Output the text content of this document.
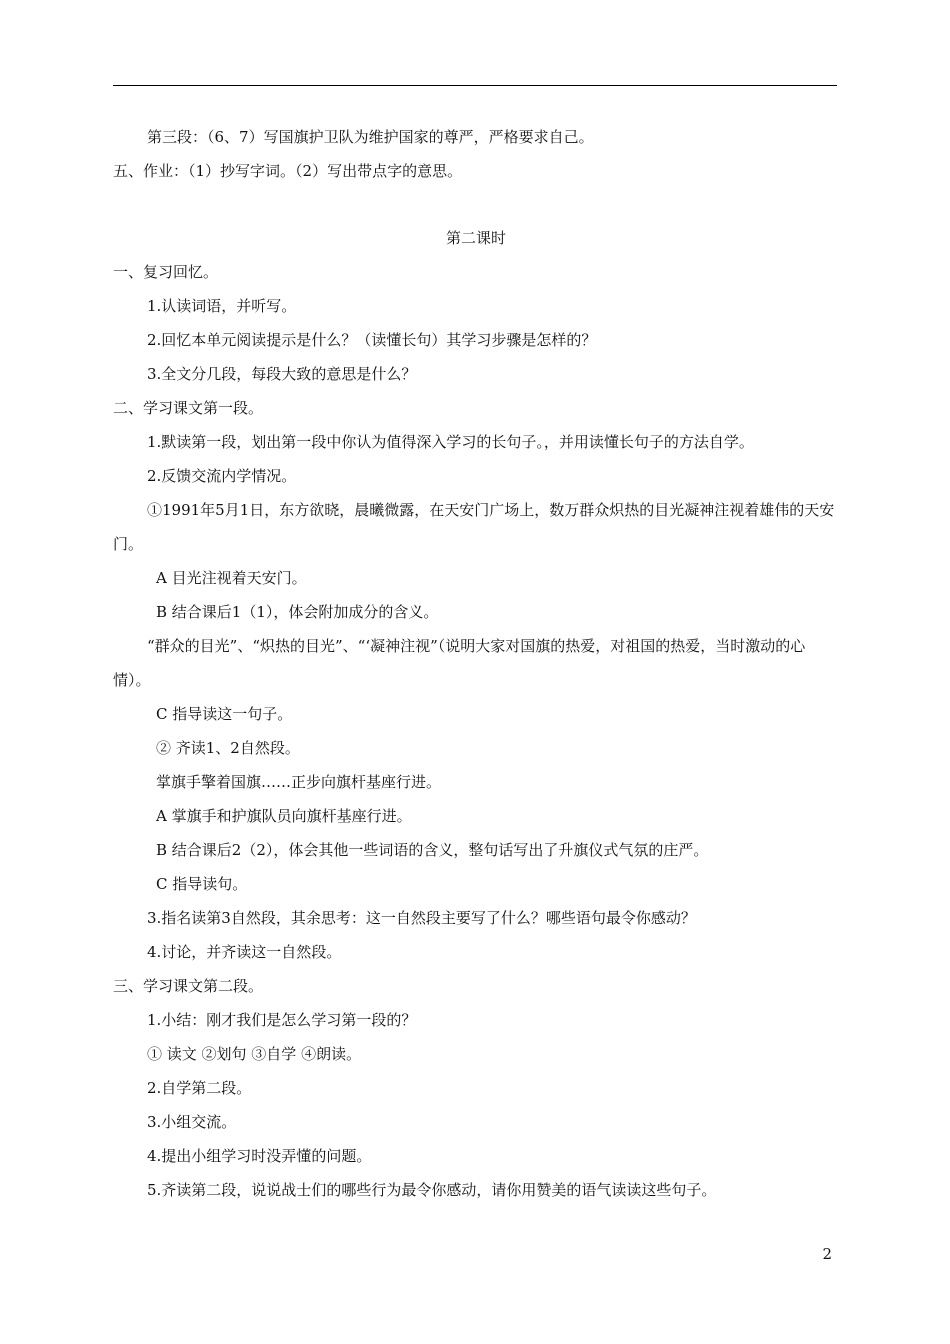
第三段：（6、7）写国旗护卫队为维护国家的尊严，严格要求自己。

五、作业：（1）抄写字词。（2）写出带点字的意思。

第二课时

一、复习回忆。

1.认读词语，并听写。

2.回忆本单元阅读提示是什么？（读懂长句）其学习步骤是怎样的？

3.全文分几段，每段大致的意思是什么？

二、学习课文第一段。

1.默读第一段，划出第一段中你认为值得深入学习的长句子。，并用读懂长句子的方法自学。

2.反馈交流内学情况。

①1991年5月1日，东方欲晓，晨曦微露，在天安门广场上，数万群众炽热的目光凝神注视着雄伟的天安门。

A 目光注视着天安门。

B 结合课后1（1），体会附加成分的含义。

“群众的目光”、“炽热的目光”、“‘凝神注视”（说明大家对国旗的热爱，对祖国的热爱，当时激动的心情）。

C 指导读这一句子。

② 齐读1、2自然段。

掌旗手擎着国旗……正步向旗杆基座行进。

A 掌旗手和护旗队员向旗杆基座行进。

B 结合课后2（2），体会其他一些词语的含义，整句话写出了升旗仪式气氛的庄严。

C 指导读句。

3.指名读第3自然段，其余思考：这一自然段主要写了什么？哪些语句最令你感动？

4.讨论，并齐读这一自然段。

三、学习课文第二段。

1.小结：刚才我们是怎么学习第一段的？

① 读文 ②划句 ③自学 ④朗读。

2.自学第二段。

3.小组交流。

4.提出小组学习时没弄懂的问题。

5.齐读第二段，说说战士们的哪些行为最令你感动，请你用赞美的语气读读这些句子。

2
